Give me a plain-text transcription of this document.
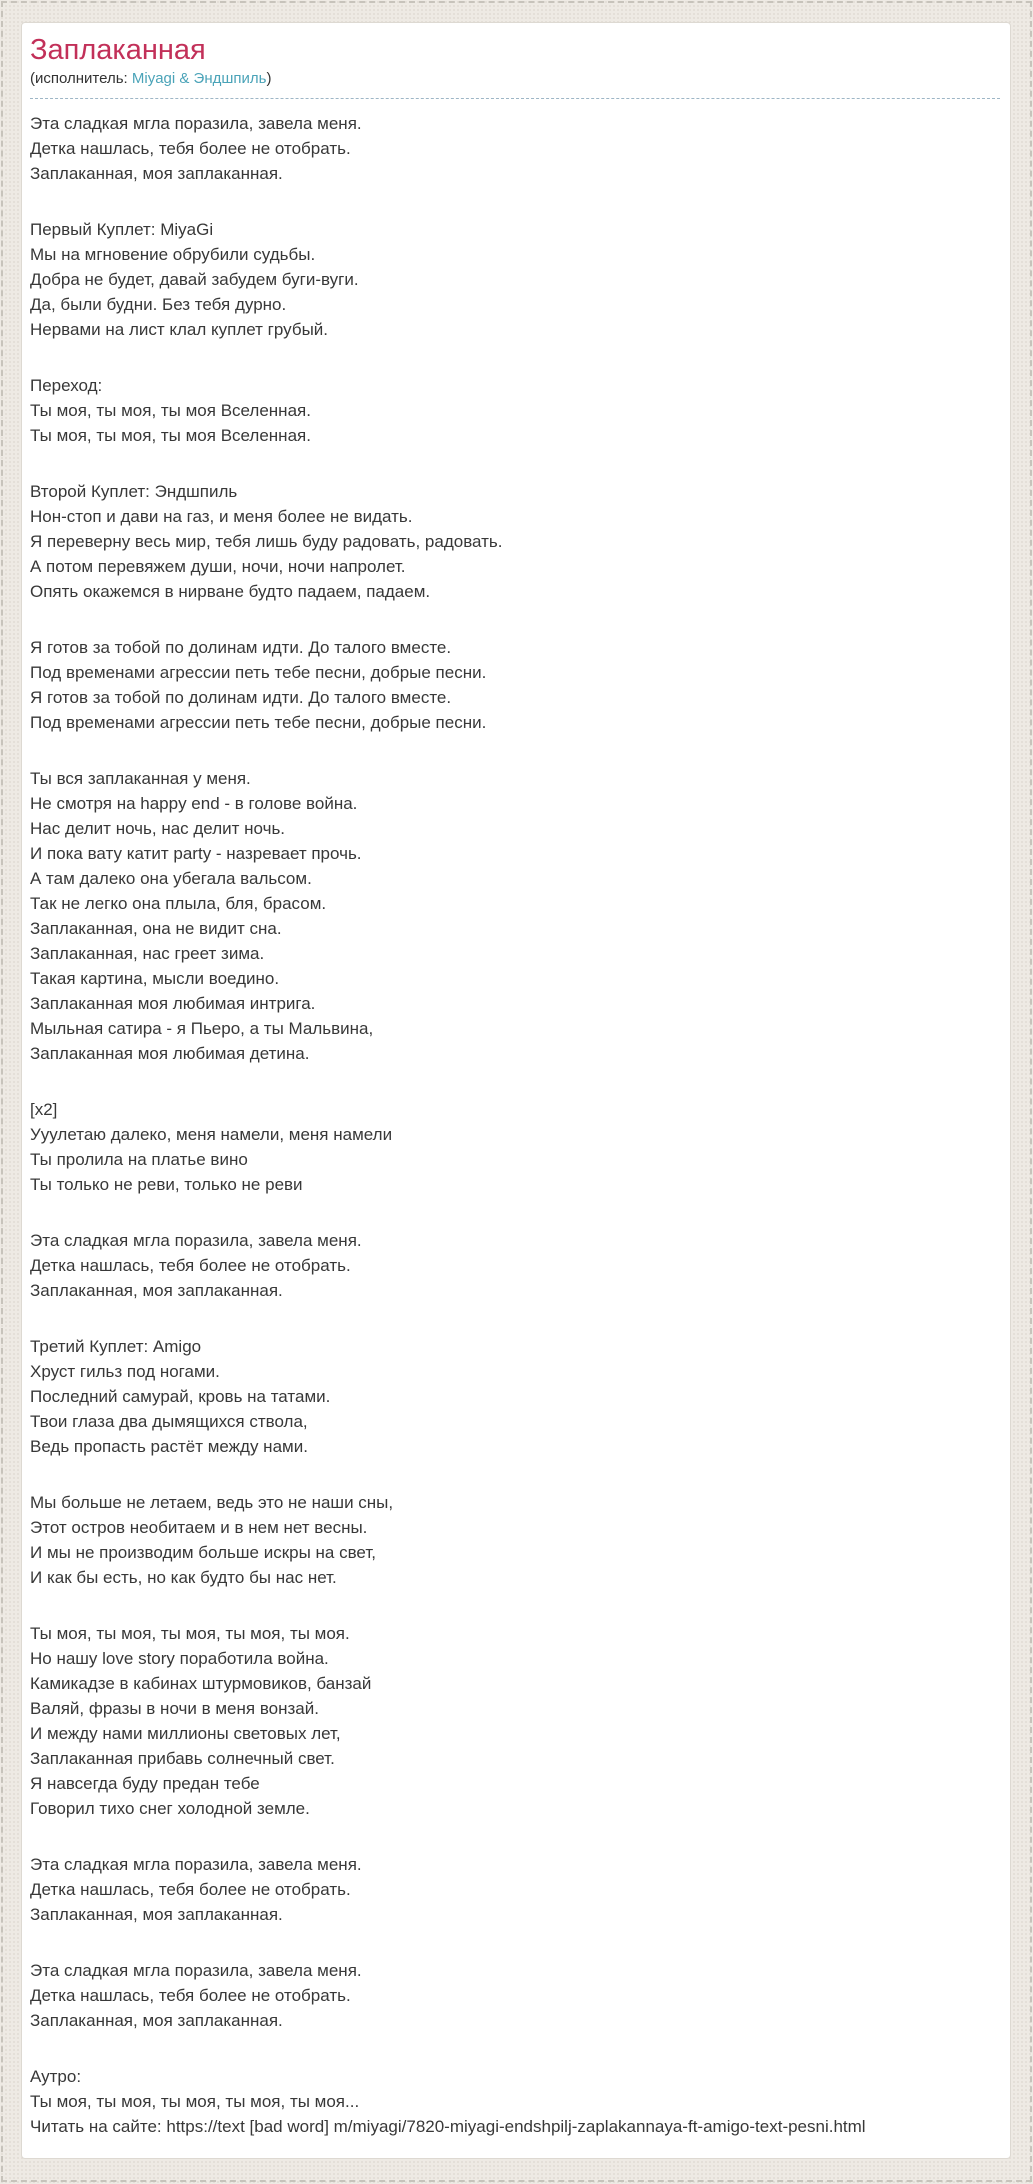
Заплаканная
(исполнитель: Miyagi & Эндшпиль)
Эта сладкая мгла поразила, завела меня.
Детка нашлась, тебя более не отобрать.
Заплаканная, моя заплаканная.
Первый Куплет: MiyaGi
Мы на мгновение обрубили судьбы.
Добра не будет, давай забудем буги-вуги.
Да, были будни. Без тебя дурно.
Нервами на лист клал куплет грубый.
Переход:
Ты моя, ты моя, ты моя Вселенная.
Ты моя, ты моя, ты моя Вселенная.
Второй Куплет: Эндшпиль
Нон-стоп и дави на газ, и меня более не видать.
Я переверну весь мир, тебя лишь буду радовать, радовать.
А потом перевяжем души, ночи, ночи напролет.
Опять окажемся в нирване будто падаем, падаем.
Я готов за тобой по долинам идти. До талого вместе.
Под временами агрессии петь тебе песни, добрые песни.
Я готов за тобой по долинам идти. До талого вместе.
Под временами агрессии петь тебе песни, добрые песни.
Ты вся заплаканная у меня.
Не смотря на happy end - в голове война.
Нас делит ночь, нас делит ночь.
И пока вату катит party - назревает прочь.
А там далеко она убегала вальсом.
Так не легко она плыла, бля, брасом.
Заплаканная, она не видит сна.
Заплаканная, нас греет зима.
Такая картина, мысли воедино.
Заплаканная моя любимая интрига.
Мыльная сатира - я Пьеро, а ты Мальвина,
Заплаканная моя любимая детина.
[x2]
Ууулетаю далеко, меня намели, меня намели
Ты пролила на платье вино
Ты только не реви, только не реви
Эта сладкая мгла поразила, завела меня.
Детка нашлась, тебя более не отобрать.
Заплаканная, моя заплаканная.
Третий Куплет: Amigo
Хруст гильз под ногами.
Последний самурай, кровь на татами.
Твои глаза два дымящихся ствола,
Ведь пропасть растёт между нами.
Мы больше не летаем, ведь это не наши сны,
Этот остров необитаем и в нем нет весны.
И мы не производим больше искры на свет,
И как бы есть, но как будто бы нас нет.
Ты моя, ты моя, ты моя, ты моя, ты моя.
Но нашу love story поработила война.
Камикадзе в кабинах штурмовиков, банзай
Валяй, фразы в ночи в меня вонзай.
И между нами миллионы световых лет,
Заплаканная прибавь солнечный свет.
Я навсегда буду предан тебе
Говорил тихо снег холодной земле.
Эта сладкая мгла поразила, завела меня.
Детка нашлась, тебя более не отобрать.
Заплаканная, моя заплаканная.
Эта сладкая мгла поразила, завела меня.
Детка нашлась, тебя более не отобрать.
Заплаканная, моя заплаканная.
Аутро:
Ты моя, ты моя, ты моя, ты моя, ты моя...
Читать на сайте: https://text [bad word] m/miyagi/7820-miyagi-endshpilj-zaplakannaya-ft-amigo-text-pesni.html
